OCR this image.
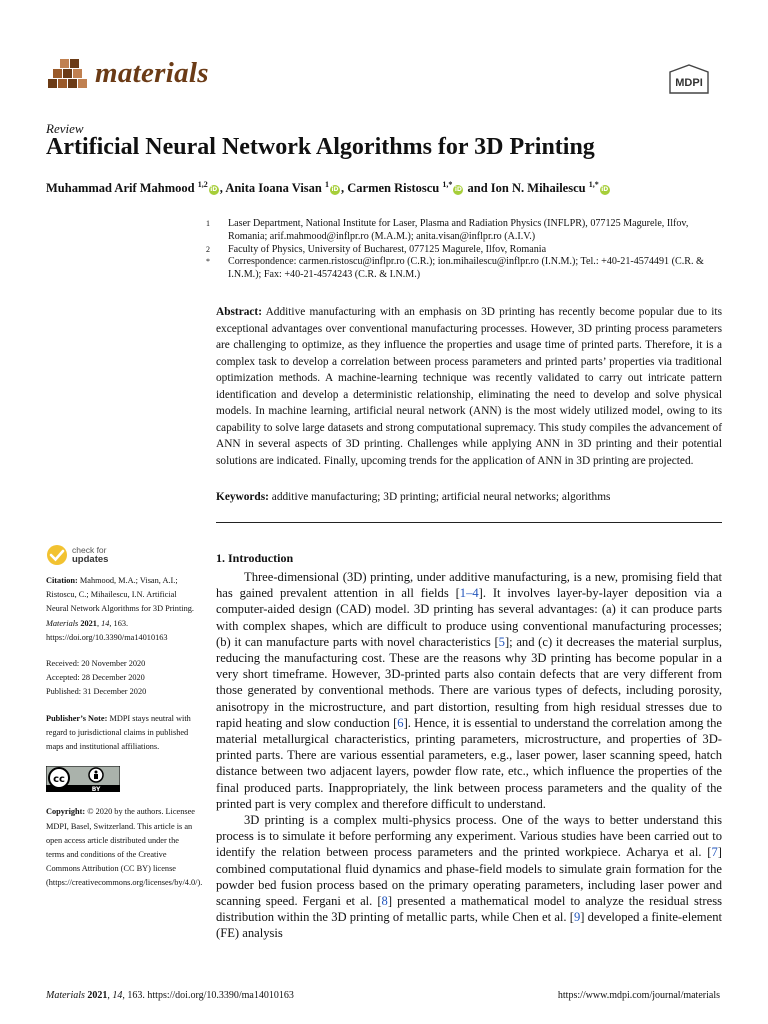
materials	MDPI
Review
Artificial Neural Network Algorithms for 3D Printing
Muhammad Arif Mahmood $^{1,2}$iD , Anita Ioana Visan $^1$iD , Carmen Ristoscu $^{1,*}$iD and Ion N. Mihailescu $^{1,*}$iD
1	Laser Department, National Institute for Laser, Plasma and Radiation Physics (INFLPR), 077125 Magurele, Ilfov, Romania; arif.mahmood@inflpr.ro (M.A.M.); anita.visan@inflpr.ro (A.I.V.)
2	Faculty of Physics, University of Bucharest, 077125 Magurele, Ilfov, Romania
*	Correspondence: carmen.ristoscu@inflpr.ro (C.R.); ion.mihailescu@inflpr.ro (I.N.M.); Tel.: +40-21-4574491 (C.R. & I.N.M.); Fax: +40-21-4574243 (C.R. & I.N.M.)
Abstract: Additive manufacturing with an emphasis on 3D printing has recently become popular due to its exceptional advantages over conventional manufacturing processes. However, 3D printing process parameters are challenging to optimize, as they influence the properties and usage time of printed parts. Therefore, it is a complex task to develop a correlation between process parameters and printed parts’ properties via traditional optimization methods. A machine-learning technique was recently validated to carry out intricate pattern identification and develop a deterministic relationship, eliminating the need to develop and solve physical models. In machine learning, artificial neural network (ANN) is the most widely utilized model, owing to its capability to solve large datasets and strong computational supremacy. This study compiles the advancement of ANN in several aspects of 3D printing. Challenges while applying ANN in 3D printing and their potential solutions are indicated. Finally, upcoming trends for the application of ANN in 3D printing are projected.
Keywords: additive manufacturing; 3D printing; artificial neural networks; algorithms
check for
updates
Citation: Mahmood, M.A.; Visan, A.I.; Ristoscu, C.; Mihailescu, I.N. Artificial Neural Network Algorithms for 3D Printing. Materials 2021, 14, 163. https://doi.org/10.3390/ma14010163
Received: 20 November 2020
Accepted: 28 December 2020
Published: 31 December 2020
Publisher’s Note: MDPI stays neutral with regard to jurisdictional claims in published maps and institutional affiliations.
cc
BY
Copyright: © 2020 by the authors. Licensee MDPI, Basel, Switzerland. This article is an open access article distributed under the terms and conditions of the Creative Commons Attribution (CC BY) license (https://creativecommons.org/licenses/by/4.0/).
1. Introduction

Three-dimensional (3D) printing, under additive manufacturing, is a new, promising field that has gained prevalent attention in all fields [1–4]. It involves layer-by-layer deposition via a computer-aided design (CAD) model. 3D printing has several advantages: (a) it can produce parts with complex shapes, which are difficult to produce using conventional manufacturing processes; (b) it can manufacture parts with novel characteristics [5]; and (c) it decreases the material surplus, reducing the manufacturing cost. These are the reasons why 3D printing has become popular in a very short timeframe. However, 3D-printed parts also contain defects that are very different from those generated by conventional methods. There are various types of defects, including porosity, anisotropy in the microstructure, and part distortion, resulting from high residual stresses due to rapid heating and slow conduction [6]. Hence, it is essential to understand the correlation among the material metallurgical characteristics, printing parameters, microstructure, and properties of 3D-printed parts. There are various essential parameters, e.g., laser power, laser scanning speed, hatch distance between two adjacent layers, powder flow rate, etc., which influence the properties of the final produced parts. Inappropriately, the link between process parameters and the quality of the printed part is very complex and therefore difficult to understand.

3D printing is a complex multi-physics process. One of the ways to better understand this process is to simulate it before performing any experiment. Various studies have been carried out to identify the relation between process parameters and the printed workpiece. Acharya et al. [7] combined computational fluid dynamics and phase-field models to simulate grain formation for the powder bed fusion process based on the primary operating parameters, including laser power and scanning speed. Fergani et al. [8] presented a mathematical model to analyze the residual stress distribution within the 3D printing of metallic parts, while Chen et al. [9] developed a finite-element (FE) analysis

Materials 2021, 14, 163. https://doi.org/10.3390/ma14010163	https://www.mdpi.com/journal/materials
